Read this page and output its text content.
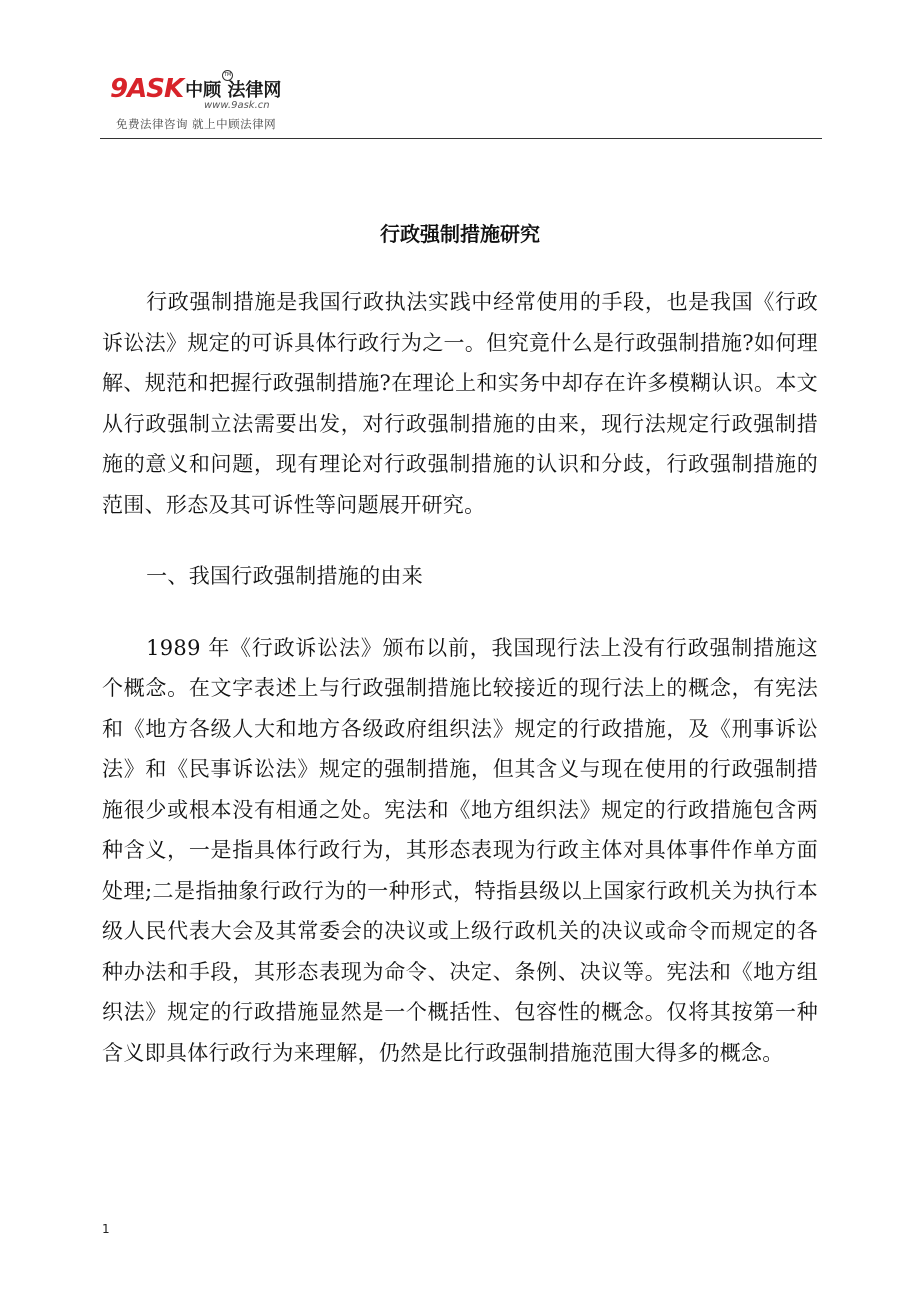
9ASK 中顾 法律网
TM
www.9ask.cn
免费法律咨询 就上中顾法律网
行政强制措施研究

行政强制措施是我国行政执法实践中经常使用的手段，也是我国《行政诉讼法》规定的可诉具体行政行为之一。但究竟什么是行政强制措施?如何理解、规范和把握行政强制措施?在理论上和实务中却存在许多模糊认识。本文从行政强制立法需要出发，对行政强制措施的由来，现行法规定行政强制措施的意义和问题，现有理论对行政强制措施的认识和分歧，行政强制措施的范围、形态及其可诉性等问题展开研究。

一、我国行政强制措施的由来

1989 年《行政诉讼法》颁布以前，我国现行法上没有行政强制措施这个概念。在文字表述上与行政强制措施比较接近的现行法上的概念，有宪法和《地方各级人大和地方各级政府组织法》规定的行政措施，及《刑事诉讼法》和《民事诉讼法》规定的强制措施，但其含义与现在使用的行政强制措施很少或根本没有相通之处。宪法和《地方组织法》规定的行政措施包含两种含义，一是指具体行政行为，其形态表现为行政主体对具体事件作单方面处理;二是指抽象行政行为的一种形式，特指县级以上国家行政机关为执行本级人民代表大会及其常委会的决议或上级行政机关的决议或命令而规定的各种办法和手段，其形态表现为命令、决定、条例、决议等。宪法和《地方组织法》规定的行政措施显然是一个概括性、包容性的概念。仅将其按第一种含义即具体行政行为来理解，仍然是比行政强制措施范围大得多的概念。

1
